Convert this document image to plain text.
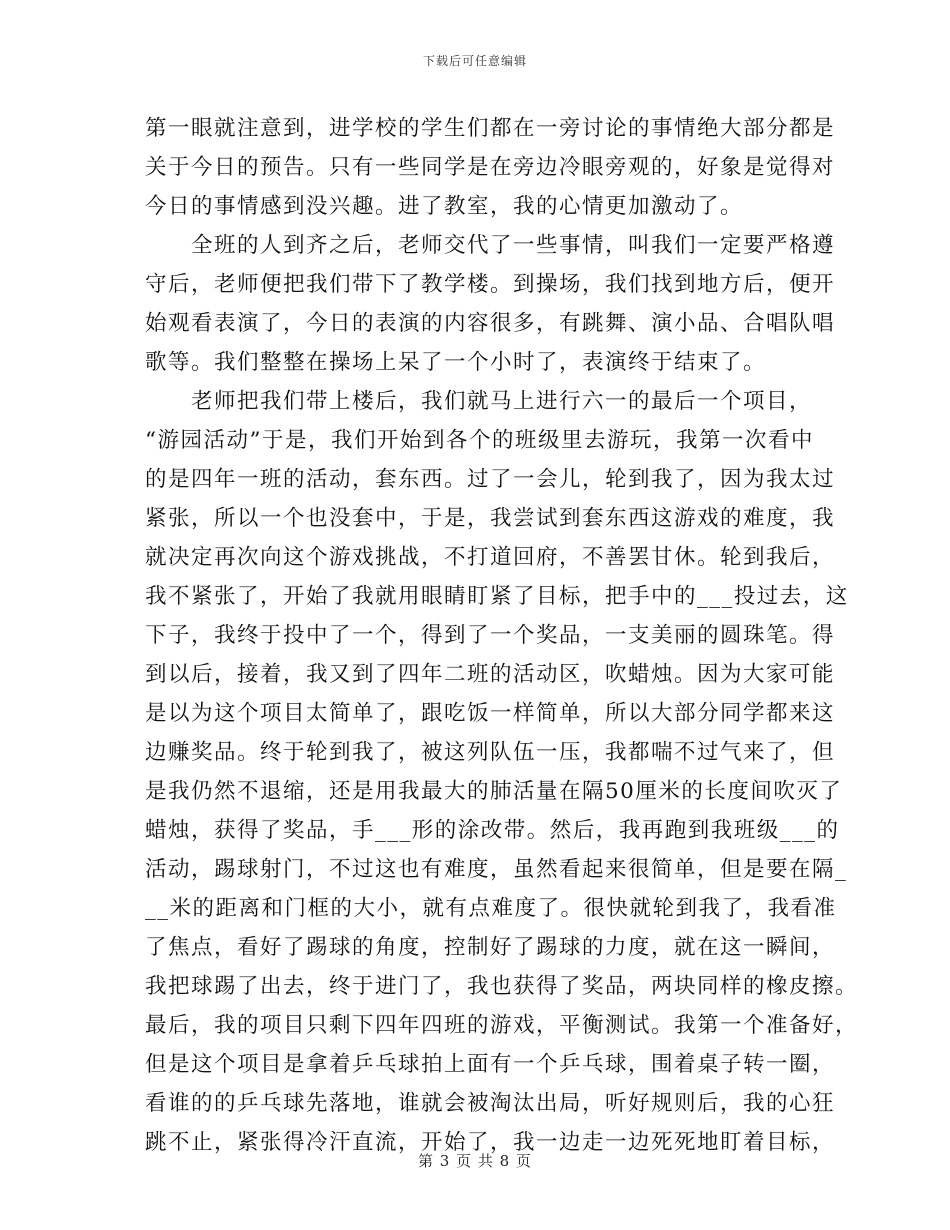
下载后可任意编辑
第一眼就注意到，进学校的学生们都在一旁讨论的事情绝大部分都是
关于今日的预告。只有一些同学是在旁边冷眼旁观的，好象是觉得对
今日的事情感到没兴趣。进了教室，我的心情更加激动了。
　　全班的人到齐之后，老师交代了一些事情，叫我们一定要严格遵
守后，老师便把我们带下了教学楼。到操场，我们找到地方后，便开
始观看表演了，今日的表演的内容很多，有跳舞、演小品、合唱队唱
歌等。我们整整在操场上呆了一个小时了，表演终于结束了。
　　老师把我们带上楼后，我们就马上进行六一的最后一个项目，
“游园活动”于是，我们开始到各个的班级里去游玩，我第一次看中
的是四年一班的活动，套东西。过了一会儿，轮到我了，因为我太过
紧张，所以一个也没套中，于是，我尝试到套东西这游戏的难度，我
就决定再次向这个游戏挑战，不打道回府，不善罢甘休。轮到我后，
我不紧张了，开始了我就用眼睛盯紧了目标，把手中的___投过去，这
下子，我终于投中了一个，得到了一个奖品，一支美丽的圆珠笔。得
到以后，接着，我又到了四年二班的活动区，吹蜡烛。因为大家可能
是以为这个项目太简单了，跟吃饭一样简单，所以大部分同学都来这
边赚奖品。终于轮到我了，被这列队伍一压，我都喘不过气来了，但
是我仍然不退缩，还是用我最大的肺活量在隔50厘米的长度间吹灭了
蜡烛，获得了奖品，手___形的涂改带。然后，我再跑到我班级___的
活动，踢球射门，不过这也有难度，虽然看起来很简单，但是要在隔_
__米的距离和门框的大小，就有点难度了。很快就轮到我了，我看准
了焦点，看好了踢球的角度，控制好了踢球的力度，就在这一瞬间，
我把球踢了出去，终于进门了，我也获得了奖品，两块同样的橡皮擦。
最后，我的项目只剩下四年四班的游戏，平衡测试。我第一个准备好，
但是这个项目是拿着乒乓球拍上面有一个乒乓球，围着桌子转一圈，
看谁的的乒乓球先落地，谁就会被淘汰出局，听好规则后，我的心狂
跳不止，紧张得冷汗直流，开始了，我一边走一边死死地盯着目标，
第 3 页 共 8 页
